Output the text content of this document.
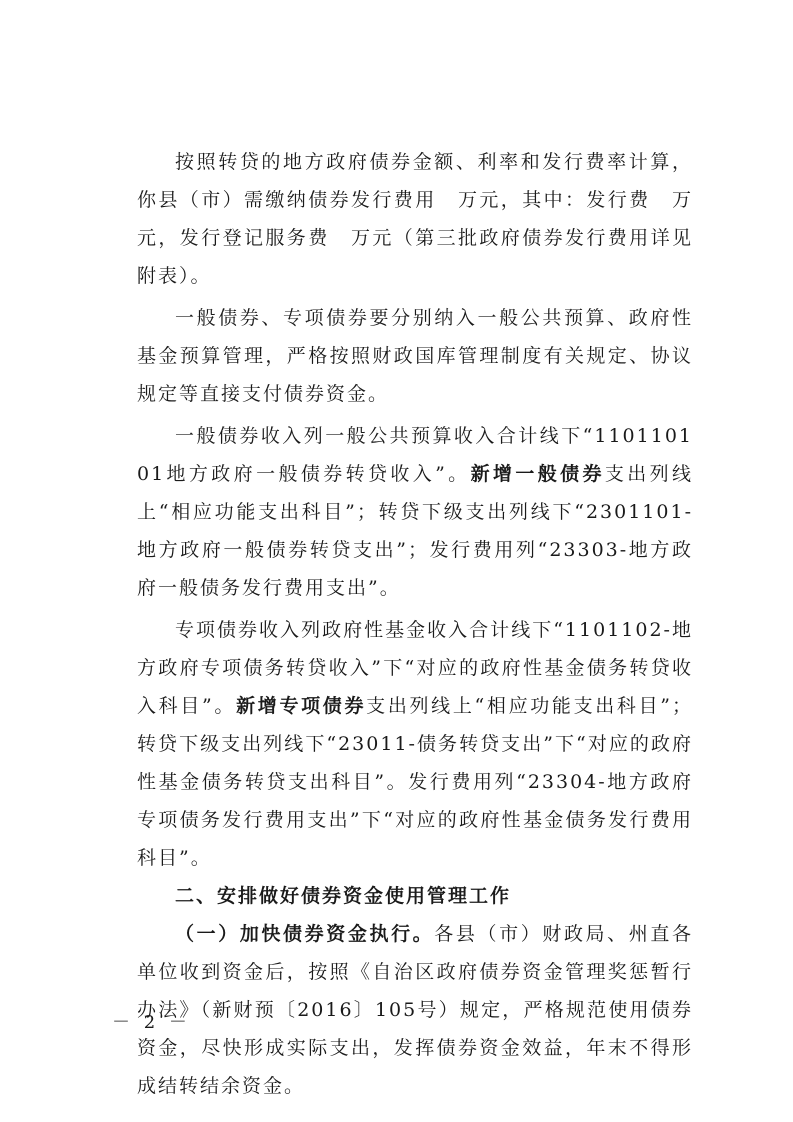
按照转贷的地方政府债券金额、利率和发行费率计算，你县（市）需缴纳债券发行费用　万元，其中：发行费　万元，发行登记服务费　万元（第三批政府债券发行费用详见附表）。

一般债券、专项债券要分别纳入一般公共预算、政府性基金预算管理，严格按照财政国库管理制度有关规定、协议规定等直接支付债券资金。

一般债券收入列一般公共预算收入合计线下“110110101地方政府一般债券转贷收入”。新增一般债券支出列线上“相应功能支出科目”；转贷下级支出列线下“2301101-地方政府一般债券转贷支出”；发行费用列“23303-地方政府一般债务发行费用支出”。

专项债券收入列政府性基金收入合计线下“1101102-地方政府专项债务转贷收入”下“对应的政府性基金债务转贷收入科目”。新增专项债券支出列线上“相应功能支出科目”；转贷下级支出列线下“23011-债务转贷支出”下“对应的政府性基金债务转贷支出科目”。发行费用列“23304-地方政府专项债务发行费用支出”下“对应的政府性基金债务发行费用科目”。

二、安排做好债券资金使用管理工作

（一）加快债券资金执行。各县（市）财政局、州直各单位收到资金后，按照《自治区政府债券资金管理奖惩暂行办法》（新财预〔2016〕105号）规定，严格规范使用债券资金，尽快形成实际支出，发挥债券资金效益，年末不得形成结转结余资金。

－ 2 －
